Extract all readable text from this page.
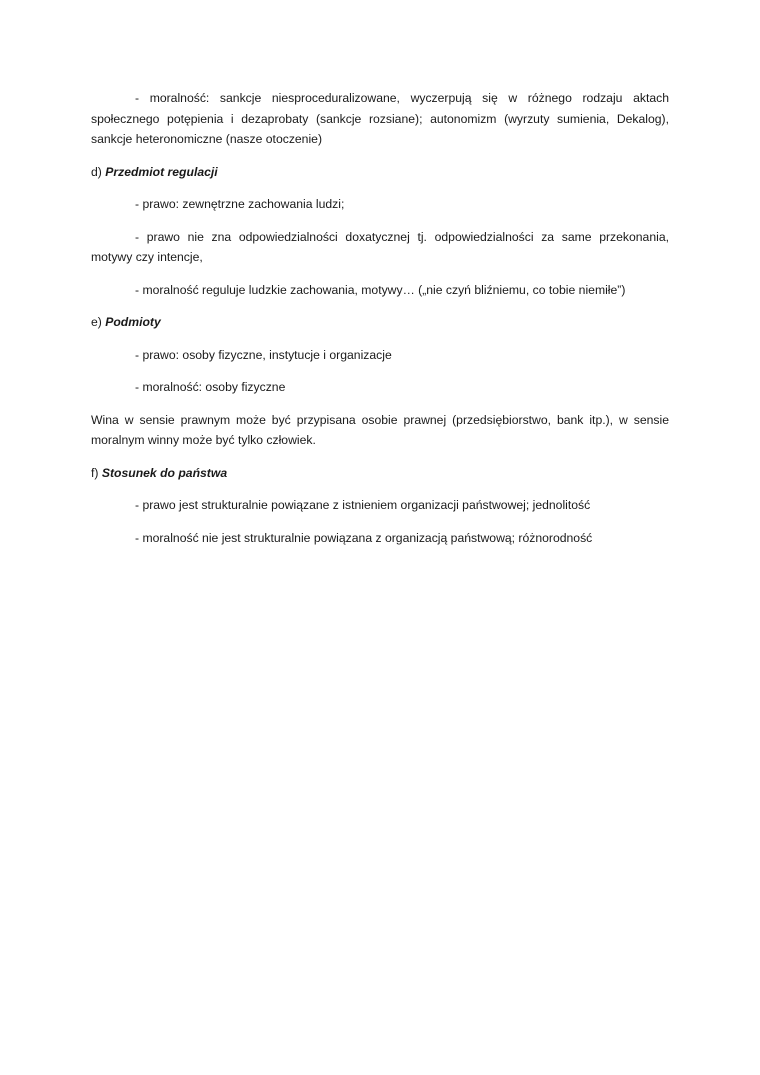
- moralność: sankcje niesproceduralizowane, wyczerpują się w różnego rodzaju aktach społecznego potępienia i dezaprobaty (sankcje rozsiane); autonomizm (wyrzuty sumienia, Dekalog), sankcje heteronomiczne (nasze otoczenie)

d) Przedmiot regulacji

- prawo: zewnętrzne zachowania ludzi;

- prawo nie zna odpowiedzialności doxatycznej tj. odpowiedzialności za same przekonania, motywy czy intencje,

- moralność reguluje ludzkie zachowania, motywy… („nie czyń bliźniemu, co tobie niemiłe”)

e) Podmioty

- prawo: osoby fizyczne, instytucje i organizacje

- moralność: osoby fizyczne

Wina w sensie prawnym może być przypisana osobie prawnej (przedsiębiorstwo, bank itp.), w sensie moralnym winny może być tylko człowiek.

f) Stosunek do państwa

- prawo jest strukturalnie powiązane z istnieniem organizacji państwowej; jednolitość

- moralność nie jest strukturalnie powiązana z organizacją państwową; różnorodność
